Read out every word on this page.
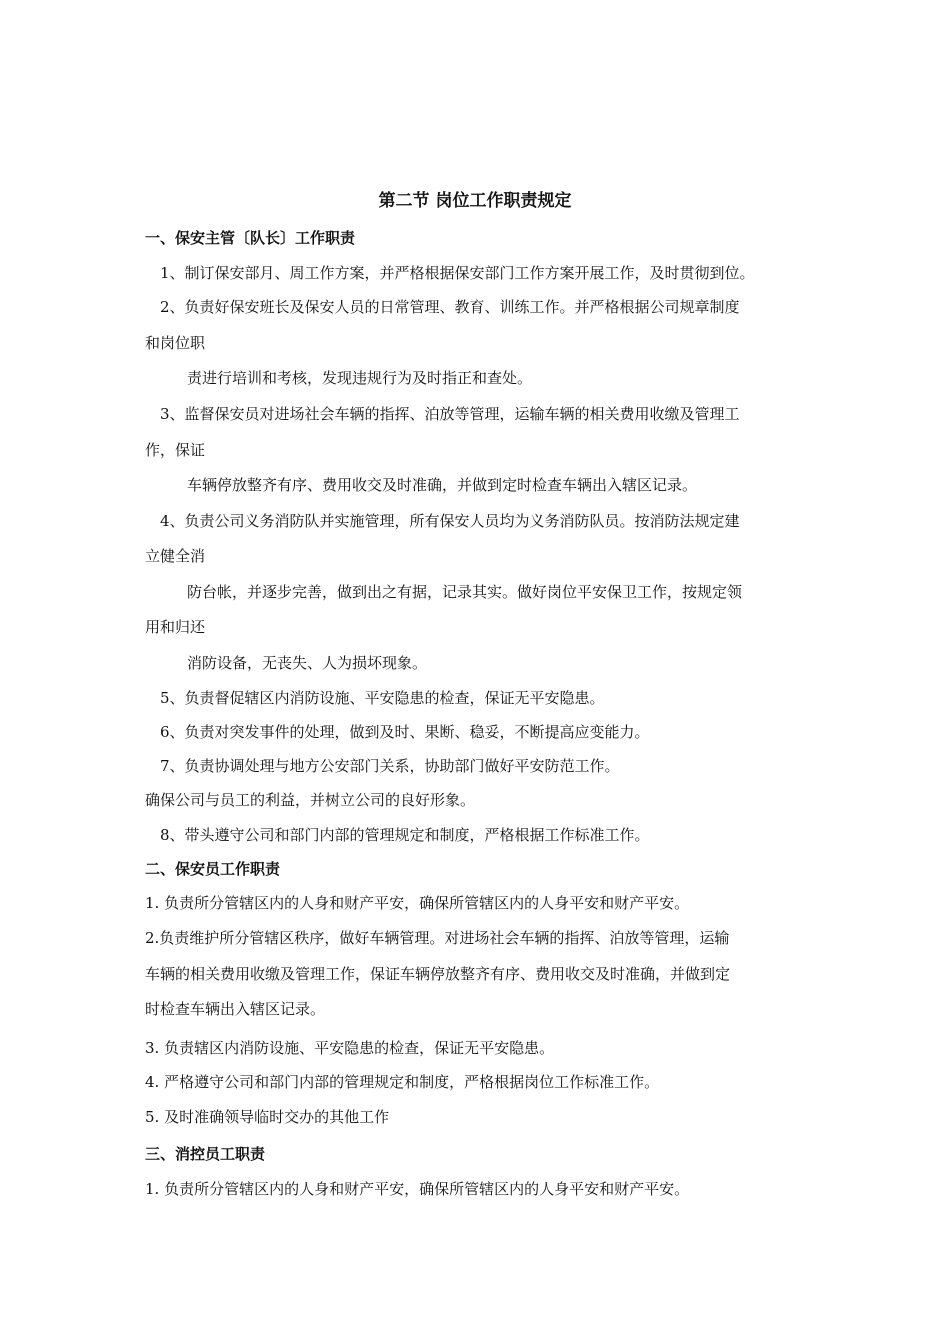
第二节 岗位工作职责规定
一、保安主管〔队长〕工作职责
1、制订保安部月、周工作方案，并严格根据保安部门工作方案开展工作，及时贯彻到位。
2、负责好保安班长及保安人员的日常管理、教育、训练工作。并严格根据公司规章制度
和岗位职
责进行培训和考核，发现违规行为及时指正和查处。
3、监督保安员对进场社会车辆的指挥、泊放等管理，运输车辆的相关费用收缴及管理工
作，保证
车辆停放整齐有序、费用收交及时准确，并做到定时检查车辆出入辖区记录。
4、负责公司义务消防队并实施管理，所有保安人员均为义务消防队员。按消防法规定建
立健全消
防台帐，并逐步完善，做到出之有据，记录其实。做好岗位平安保卫工作，按规定领
用和归还
消防设备，无丧失、人为损坏现象。
5、负责督促辖区内消防设施、平安隐患的检查，保证无平安隐患。
6、负责对突发事件的处理，做到及时、果断、稳妥，不断提高应变能力。
7、负责协调处理与地方公安部门关系，协助部门做好平安防范工作。
确保公司与员工的利益，并树立公司的良好形象。
8、带头遵守公司和部门内部的管理规定和制度，严格根据工作标准工作。
二、保安员工作职责
1. 负责所分管辖区内的人身和财产平安，确保所管辖区内的人身平安和财产平安。
2.负责维护所分管辖区秩序，做好车辆管理。对进场社会车辆的指挥、泊放等管理，运输
车辆的相关费用收缴及管理工作，保证车辆停放整齐有序、费用收交及时准确，并做到定
时检查车辆出入辖区记录。
3. 负责辖区内消防设施、平安隐患的检查，保证无平安隐患。
4. 严格遵守公司和部门内部的管理规定和制度，严格根据岗位工作标准工作。
5. 及时准确领导临时交办的其他工作
三、消控员工职责
1. 负责所分管辖区内的人身和财产平安，确保所管辖区内的人身平安和财产平安。
